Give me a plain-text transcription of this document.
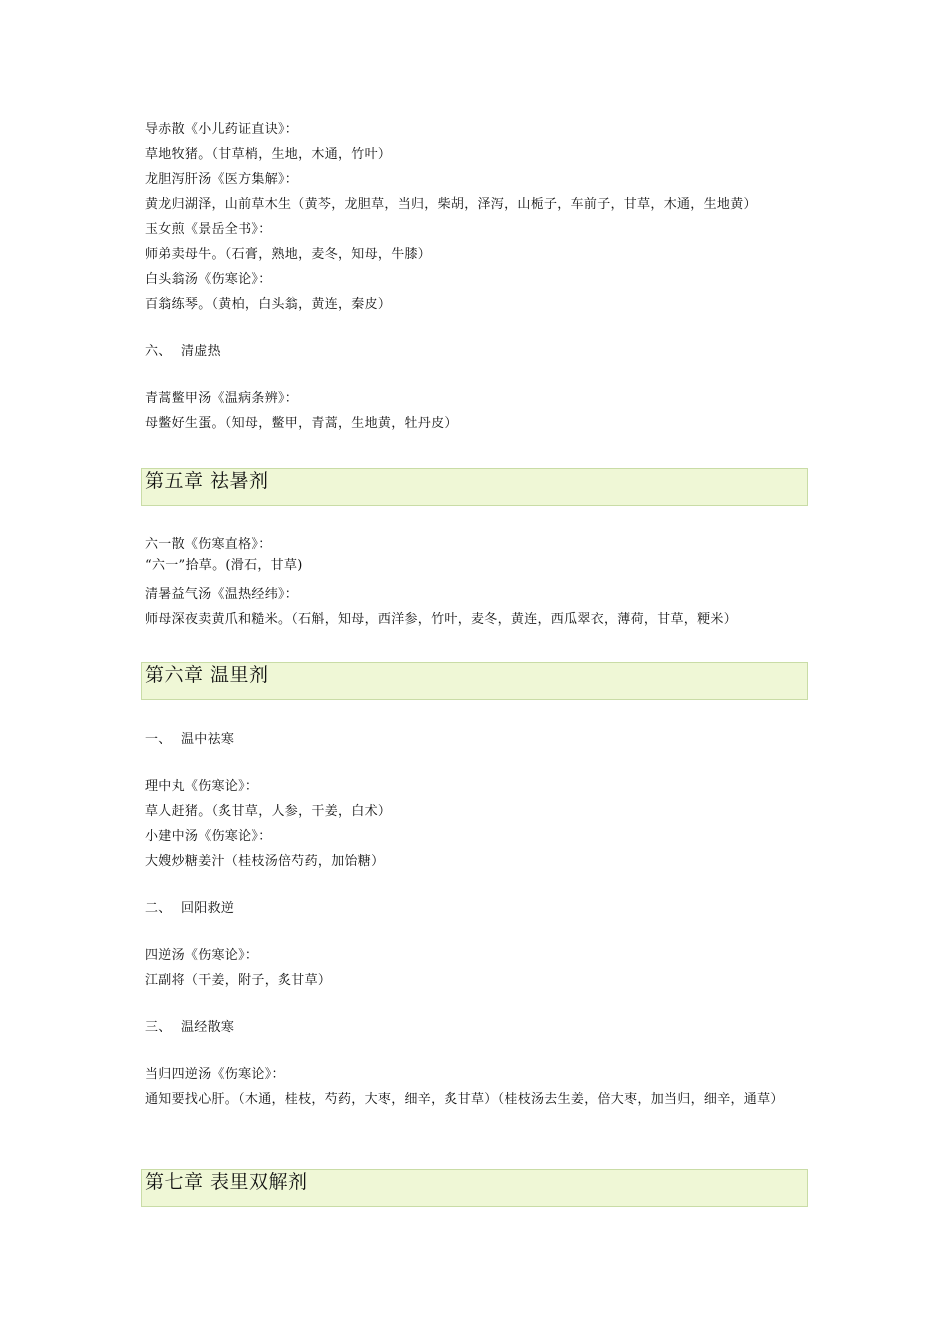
导赤散《小儿药证直诀》：
草地牧猪。（甘草梢，生地，木通，竹叶）
龙胆泻肝汤《医方集解》：
黄龙归湖泽，山前草木生（黄芩，龙胆草，当归，柴胡，泽泻，山栀子，车前子，甘草，木通，生地黄）
玉女煎《景岳全书》：
师弟卖母牛。（石膏，熟地，麦冬，知母，牛膝）
白头翁汤《伤寒论》：
百翁练琴。（黄柏，白头翁，黄连，秦皮）
六、 清虚热
青蒿鳖甲汤《温病条辨》：
母鳖好生蛋。（知母，鳖甲，青蒿，生地黄，牡丹皮）
第五章 祛暑剂
六一散《伤寒直格》：
“六一”拾草。(滑石，甘草)
清暑益气汤《温热经纬》：
师母深夜卖黄爪和糙米。（石斛，知母，西洋参，竹叶，麦冬，黄连，西瓜翠衣，薄荷，甘草，粳米）
第六章 温里剂
一、 温中祛寒
理中丸《伤寒论》：
草人赶猪。（炙甘草，人参，干姜，白术）
小建中汤《伤寒论》：
大嫂炒糖姜汁（桂枝汤倍芍药，加饴糖）
二、 回阳救逆
四逆汤《伤寒论》：
江副将（干姜，附子，炙甘草）
三、 温经散寒
当归四逆汤《伤寒论》：
通知要找心肝。（木通，桂枝，芍药，大枣，细辛，炙甘草）（桂枝汤去生姜，倍大枣，加当归，细辛，通草）
第七章 表里双解剂
